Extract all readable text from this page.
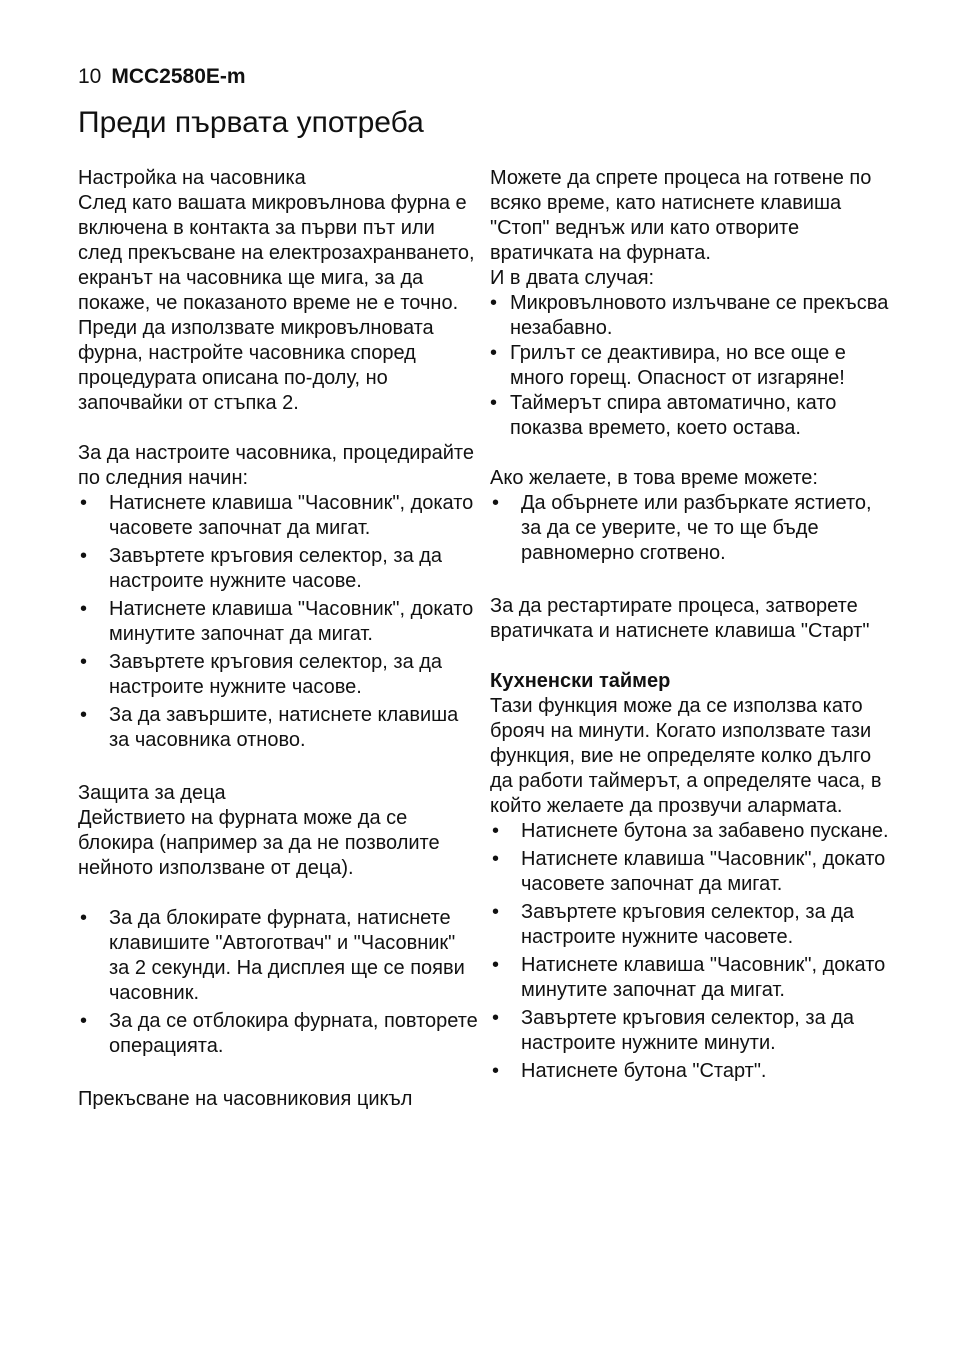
10 MCC2580E-m
Преди първата употреба

Настройка на часовника

След като вашата микровълнова фурна е включена в контакта за първи път или след прекъсване на електрозахранването, екранът на часовника ще мига, за да покаже, че показаното време не е точно. Преди да използвате микровълновата фурна, настройте часовника според процедурата описана по-долу, но започвайки от стъпка 2.

За да настроите часовника, процедирайте по следния начин:

• Натиснете клавиша "Часовник", докато часовете започнат да мигат.
• Завъртете кръговия селектор, за да настроите нужните часове.
• Натиснете клавиша "Часовник", докато минутите започнат да мигат.
• Завъртете кръговия селектор, за да настроите нужните часове.
• За да завършите, натиснете клавиша за часовника отново.

Защита за деца

Действието на фурната може да се блокира (например за да не позволите нейното използване от деца).

• За да блокирате фурната, натиснете клавишите "Автоготвач" и "Часовник" за 2 секунди. На дисплея ще се появи часовник.
• За да се отблокира фурната, повторете операцията.

Прекъсване на часовниковия цикъл

Можете да спрете процеса на готвене по всяко време, като натиснете клавиша "Стоп" веднъж или като отворите вратичката на фурната.

И в двата случая:

• Микровълновото излъчване се прекъсва незабавно.
• Грилът се деактивира, но все още е много горещ. Опасност от изгаряне!
• Таймерът спира автоматично, като показва времето, което остава.

Ако желаете, в това време можете:

• Да обърнете или разбъркате ястието, за да се уверите, че то ще бъде равномерно сготвено.

За да рестартирате процеса, затворете вратичката и натиснете клавиша "Старт"

Кухненски таймер

Тази функция може да се използва като брояч на минути. Когато използвате тази функция, вие не определяте колко дълго да работи таймерът, а определяте часа, в който желаете да прозвучи алармата.

• Натиснете бутона за забавено пускане.
• Натиснете клавиша "Часовник", докато часовете започнат да мигат.
• Завъртете кръговия селектор, за да настроите нужните часовете.
• Натиснете клавиша "Часовник", докато минутите започнат да мигат.
• Завъртете кръговия селектор, за да настроите нужните минути.
• Натиснете бутона "Старт".
